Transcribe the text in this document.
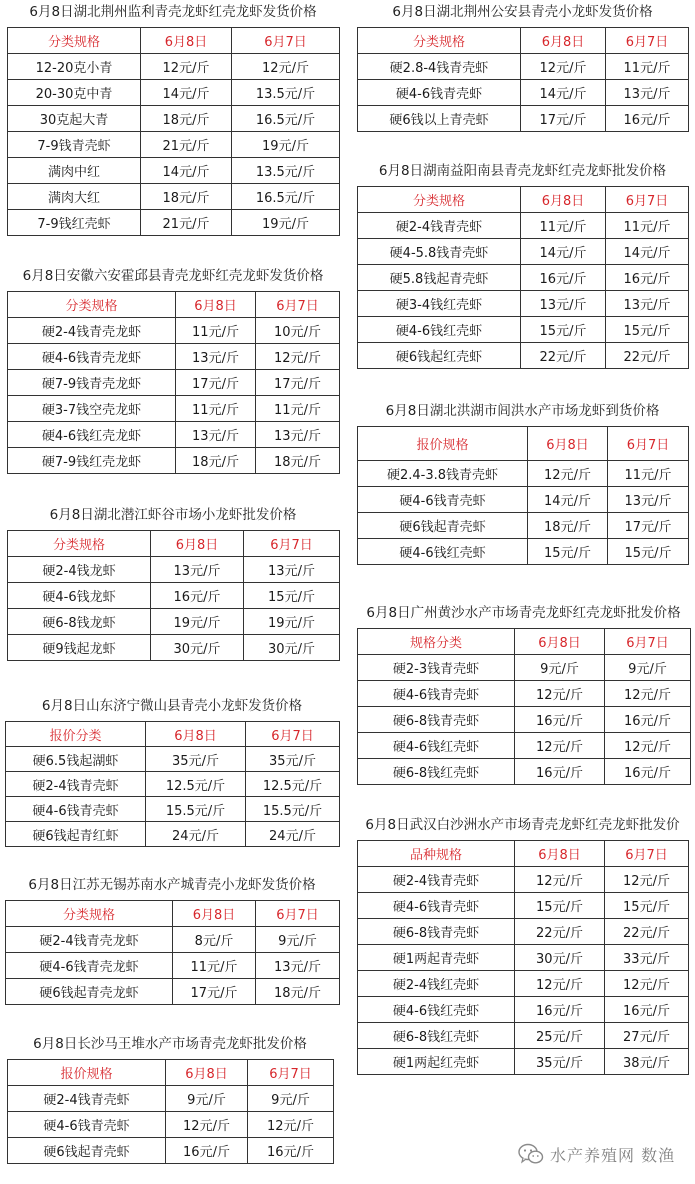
6月8日湖北荆州监利青壳龙虾红壳龙虾发货价格
分类规格	6月8日	6月7日
12-20克小青	12元/斤	12元/斤
20-30克中青	14元/斤	13.5元/斤
30克起大青	18元/斤	16.5元/斤
7-9钱青壳虾	21元/斤	19元/斤
满肉中红	14元/斤	13.5元/斤
满肉大红	18元/斤	16.5元/斤
7-9钱红壳虾	21元/斤	19元/斤
6月8日安徽六安霍邱县青壳龙虾红壳龙虾发货价格
分类规格	6月8日	6月7日
硬2-4钱青壳龙虾	11元/斤	10元/斤
硬4-6钱青壳龙虾	13元/斤	12元/斤
硬7-9钱青壳龙虾	17元/斤	17元/斤
硬3-7钱空壳龙虾	11元/斤	11元/斤
硬4-6钱红壳龙虾	13元/斤	13元/斤
硬7-9钱红壳龙虾	18元/斤	18元/斤
6月8日湖北潜江虾谷市场小龙虾批发价格
分类规格	6月8日	6月7日
硬2-4钱龙虾	13元/斤	13元/斤
硬4-6钱龙虾	16元/斤	15元/斤
硬6-8钱龙虾	19元/斤	19元/斤
硬9钱起龙虾	30元/斤	30元/斤
6月8日山东济宁微山县青壳小龙虾发货价格
报价分类	6月8日	6月7日
硬6.5钱起湖虾	35元/斤	35元/斤
硬2-4钱青壳虾	12.5元/斤	12.5元/斤
硬4-6钱青壳虾	15.5元/斤	15.5元/斤
硬6钱起青红虾	24元/斤	24元/斤
6月8日江苏无锡苏南水产城青壳小龙虾发货价格
分类规格	6月8日	6月7日
硬2-4钱青壳龙虾	8元/斤	9元/斤
硬4-6钱青壳龙虾	11元/斤	13元/斤
硬6钱起青壳龙虾	17元/斤	18元/斤
6月8日长沙马王堆水产市场青壳龙虾批发价格
报价规格	6月8日	6月7日
硬2-4钱青壳虾	9元/斤	9元/斤
硬4-6钱青壳虾	12元/斤	12元/斤
硬6钱起青壳虾	16元/斤	16元/斤
6月8日湖北荆州公安县青壳小龙虾发货价格
分类规格	6月8日	6月7日
硬2.8-4钱青壳虾	12元/斤	11元/斤
硬4-6钱青壳虾	14元/斤	13元/斤
硬6钱以上青壳虾	17元/斤	16元/斤
6月8日湖南益阳南县青壳龙虾红壳龙虾批发价格
分类规格	6月8日	6月7日
硬2-4钱青壳虾	11元/斤	11元/斤
硬4-5.8钱青壳虾	14元/斤	14元/斤
硬5.8钱起青壳虾	16元/斤	16元/斤
硬3-4钱红壳虾	13元/斤	13元/斤
硬4-6钱红壳虾	15元/斤	15元/斤
硬6钱起红壳虾	22元/斤	22元/斤
6月8日湖北洪湖市闾洪水产市场龙虾到货价格
报价规格	6月8日	6月7日
硬2.4-3.8钱青壳虾	12元/斤	11元/斤
硬4-6钱青壳虾	14元/斤	13元/斤
硬6钱起青壳虾	18元/斤	17元/斤
硬4-6钱红壳虾	15元/斤	15元/斤
6月8日广州黄沙水产市场青壳龙虾红壳龙虾批发价格
规格分类	6月8日	6月7日
硬2-3钱青壳虾	9元/斤	9元/斤
硬4-6钱青壳虾	12元/斤	12元/斤
硬6-8钱青壳虾	16元/斤	16元/斤
硬4-6钱红壳虾	12元/斤	12元/斤
硬6-8钱红壳虾	16元/斤	16元/斤
6月8日武汉白沙洲水产市场青壳龙虾红壳龙虾批发价
品种规格	6月8日	6月7日
硬2-4钱青壳虾	12元/斤	12元/斤
硬4-6钱青壳虾	15元/斤	15元/斤
硬6-8钱青壳虾	22元/斤	22元/斤
硬1两起青壳虾	30元/斤	33元/斤
硬2-4钱红壳虾	12元/斤	12元/斤
硬4-6钱红壳虾	16元/斤	16元/斤
硬6-8钱红壳虾	25元/斤	27元/斤
硬1两起红壳虾	35元/斤	38元/斤
水产养殖网 数渔
